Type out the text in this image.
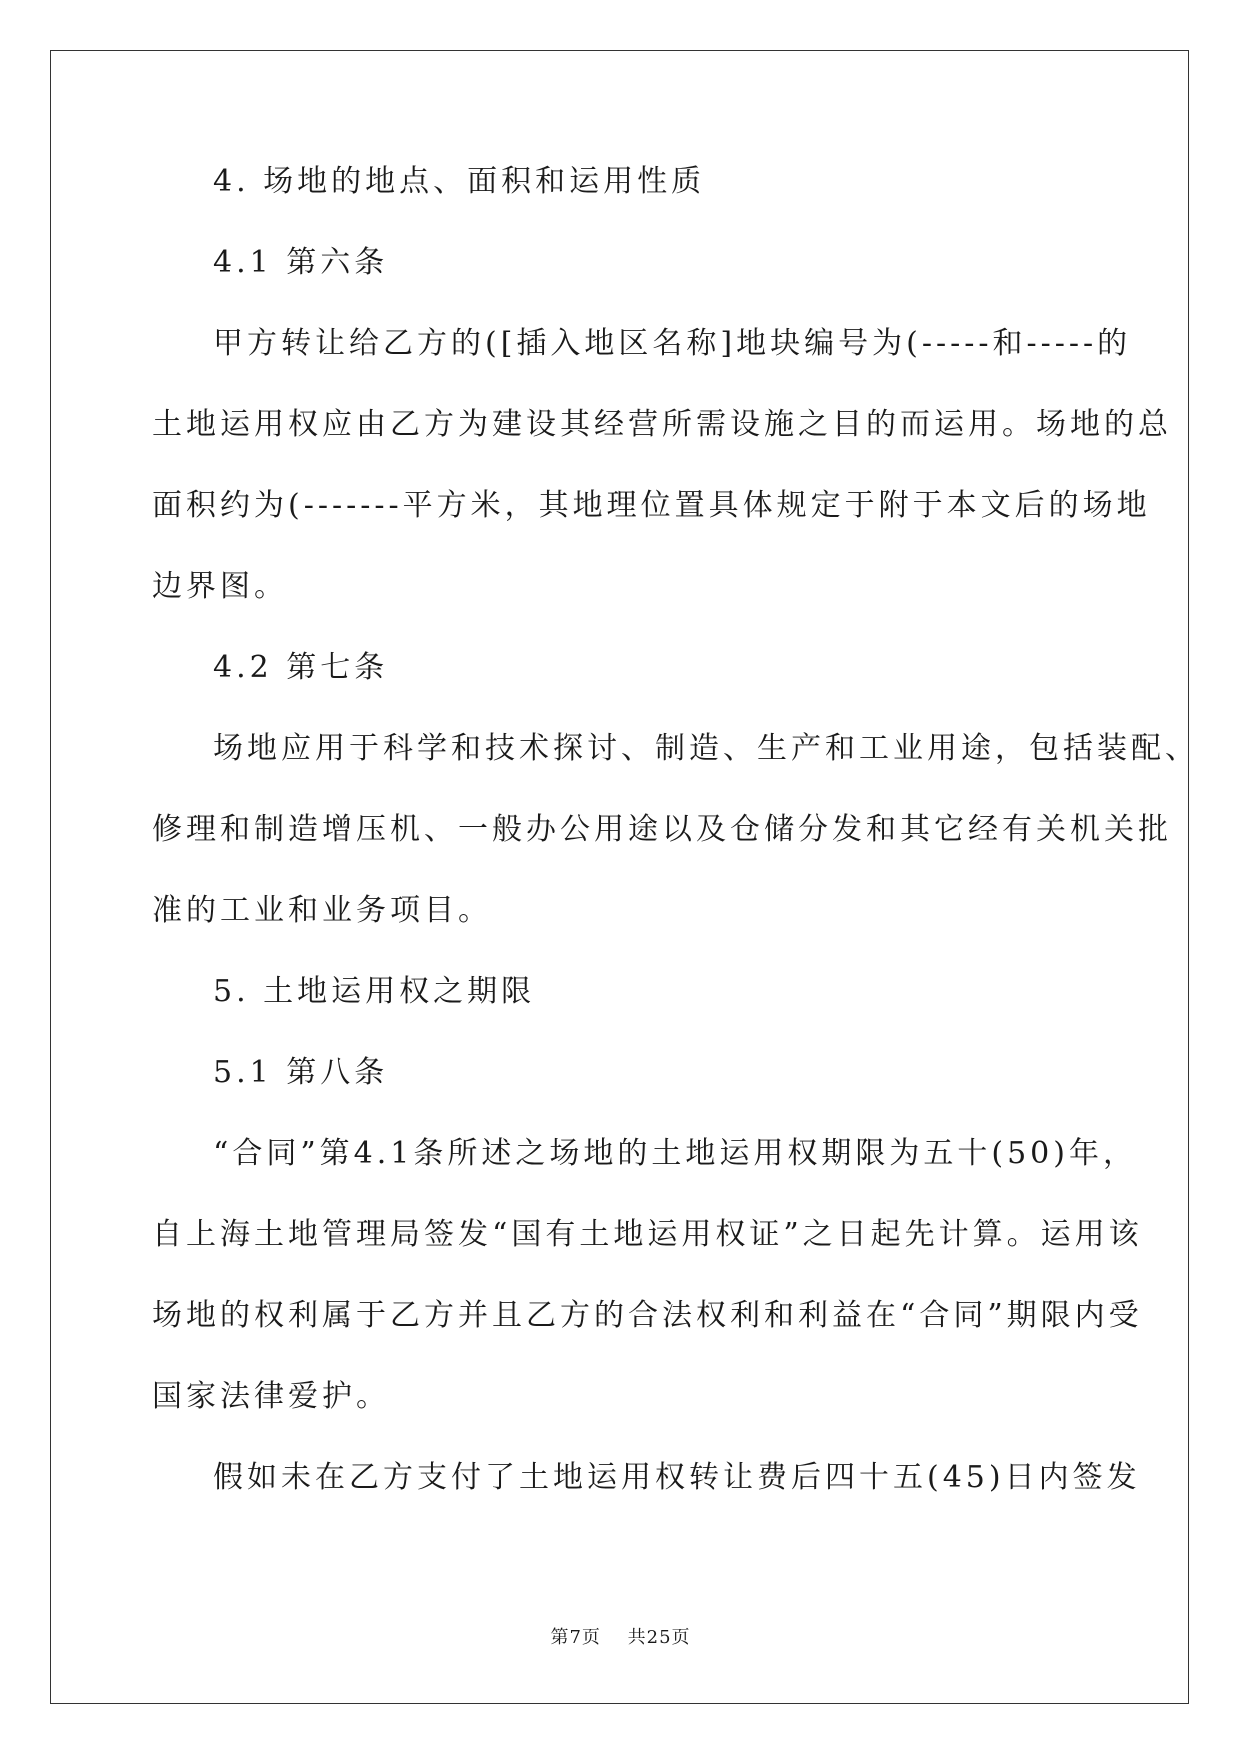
4. 场地的地点、面积和运用性质

4.1 第六条

甲方转让给乙方的([插入地区名称]地块编号为(-----和-----的

土地运用权应由乙方为建设其经营所需设施之目的而运用。场地的总

面积约为(-------平方米，其地理位置具体规定于附于本文后的场地

边界图。

4.2 第七条

场地应用于科学和技术探讨、制造、生产和工业用途，包括装配、

修理和制造增压机、一般办公用途以及仓储分发和其它经有关机关批

准的工业和业务项目。

5. 土地运用权之期限

5.1 第八条

“合同”第4.1条所述之场地的土地运用权期限为五十(50)年，

自上海土地管理局签发“国有土地运用权证”之日起先计算。运用该

场地的权利属于乙方并且乙方的合法权利和利益在“合同”期限内受

国家法律爱护。

假如未在乙方支付了土地运用权转让费后四十五(45)日内签发

第7页 共25页
